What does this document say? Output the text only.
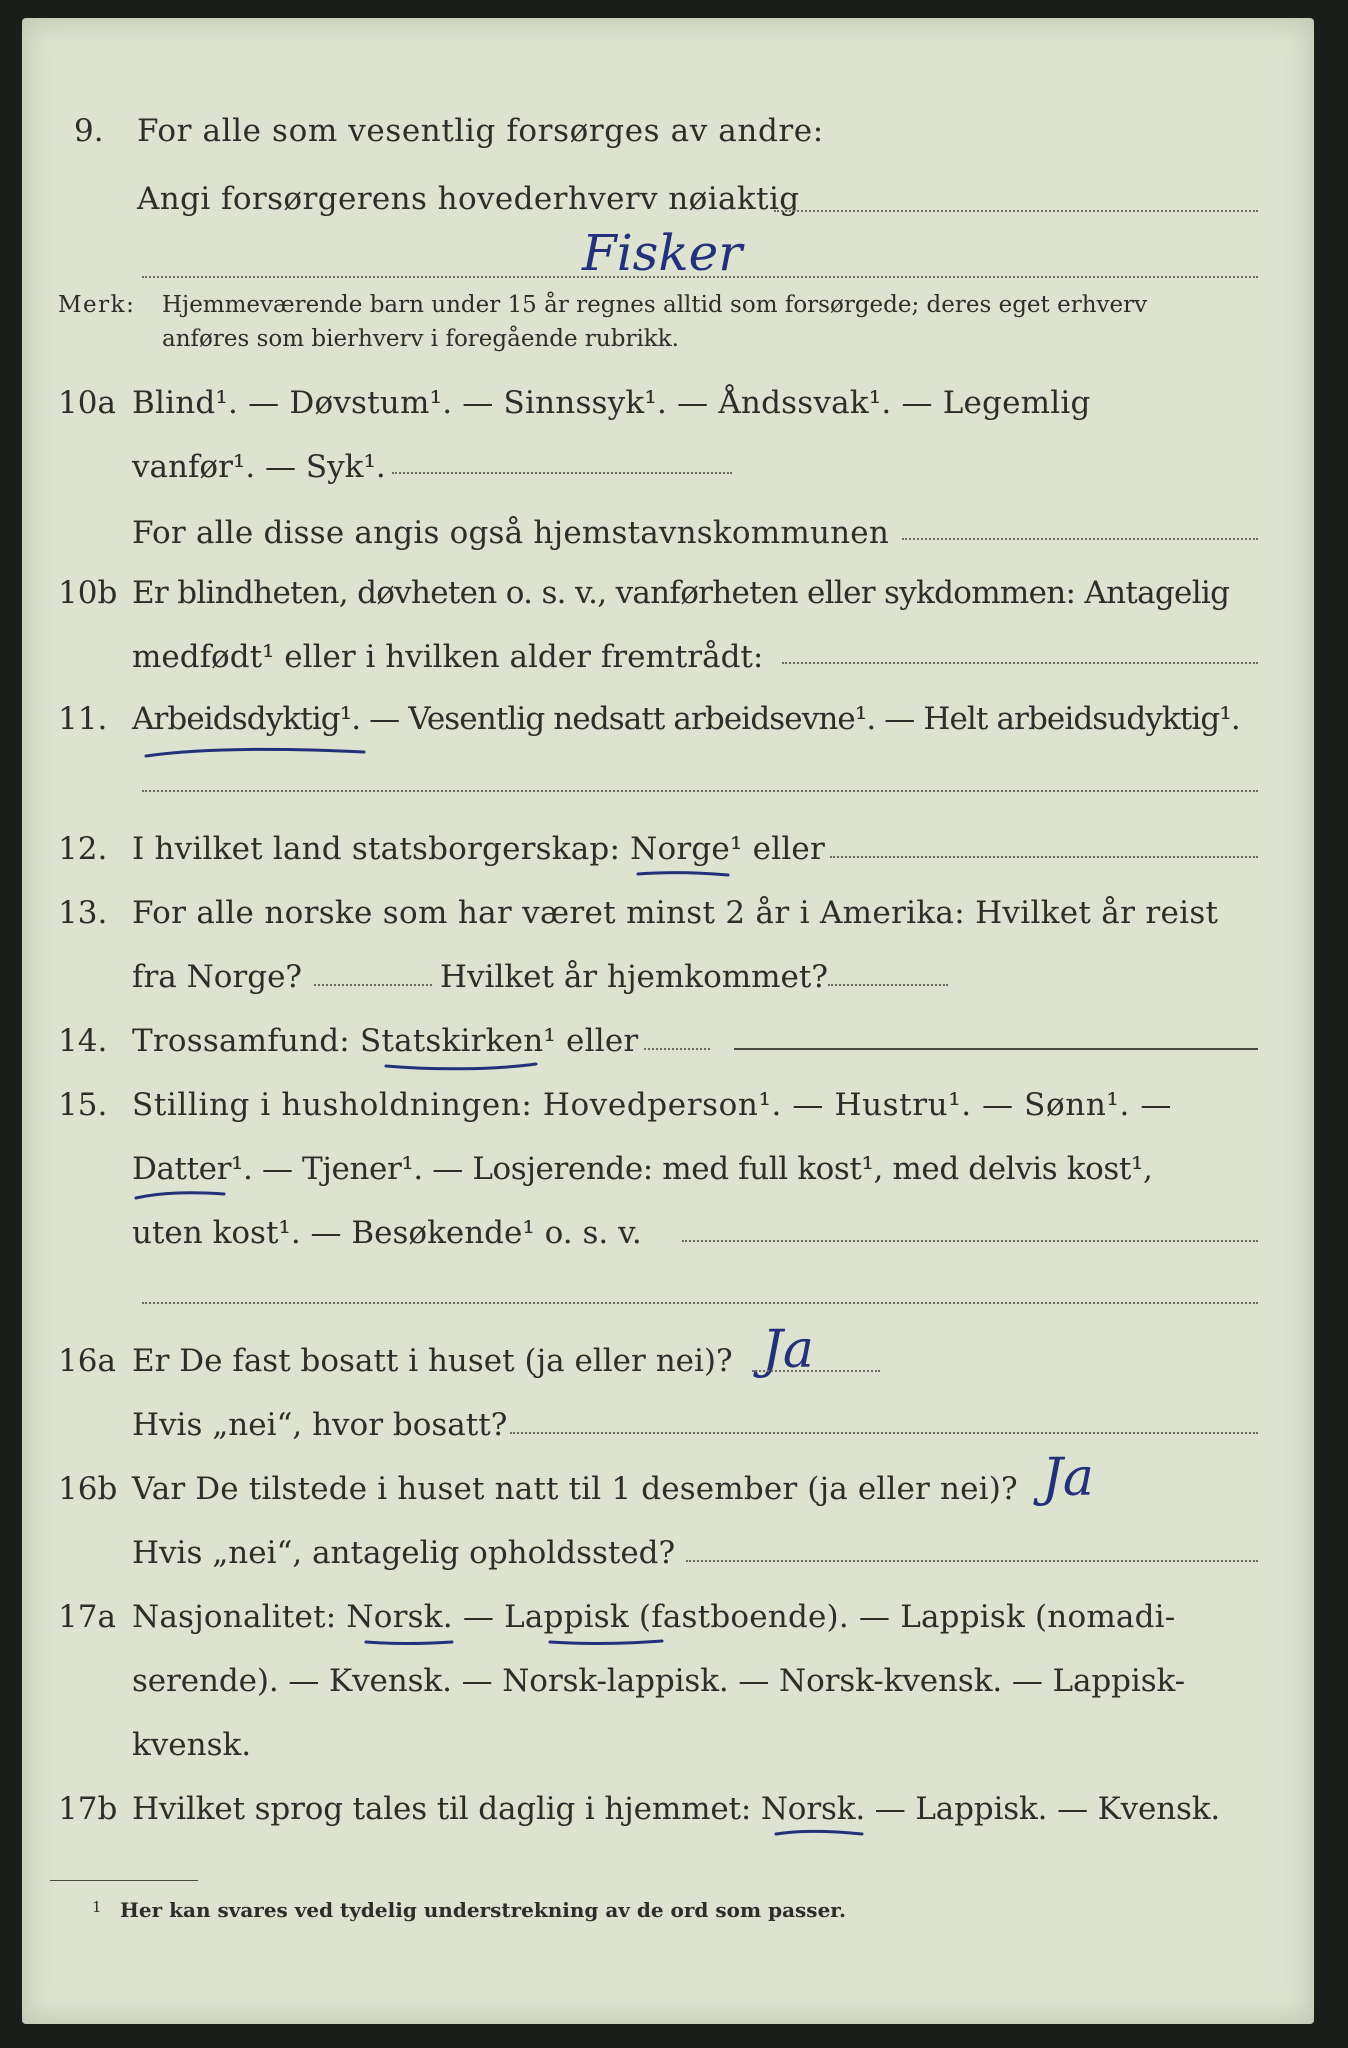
9. For alle som vesentlig forsørges av andre:
Angi forsørgerens hovederhverv nøiaktig
Fisker
Merk: Hjemmeværende barn under 15 år regnes alltid som forsørgede; deres eget erhverv
anføres som bierhverv i foregående rubrikk.
10a Blind¹. — Døvstum¹. — Sinnssyk¹. — Åndssvak¹. — Legemlig
vanfør¹. — Syk¹.
For alle disse angis også hjemstavnskommunen
10b Er blindheten, døvheten o. s. v., vanførheten eller sykdommen: Antagelig
medfødt¹ eller i hvilken alder fremtrådt:
11. Arbeidsdyktig¹. — Vesentlig nedsatt arbeidsevne¹. — Helt arbeidsudyktig¹.
12. I hvilket land statsborgerskap: Norge¹ eller
13. For alle norske som har været minst 2 år i Amerika: Hvilket år reist
fra Norge?	Hvilket år hjemkommet?
14. Trossamfund: Statskirken¹ eller
15. Stilling i husholdningen: Hovedperson¹. — Hustru¹. — Sønn¹. —
Datter¹. — Tjener¹. — Losjerende: med full kost¹, med delvis kost¹,
uten kost¹. — Besøkende¹ o. s. v.
16a Er De fast bosatt i huset (ja eller nei)? Ja
Hvis „nei“, hvor bosatt?
16b Var De tilstede i huset natt til 1 desember (ja eller nei)? Ja
Hvis „nei“, antagelig opholdssted?
17a Nasjonalitet: Norsk. — Lappisk (fastboende). — Lappisk (nomadi-
serende). — Kvensk. — Norsk-lappisk. — Norsk-kvensk. — Lappisk-
kvensk.
17b Hvilket sprog tales til daglig i hjemmet: Norsk. — Lappisk. — Kvensk.
1 Her kan svares ved tydelig understrekning av de ord som passer.
